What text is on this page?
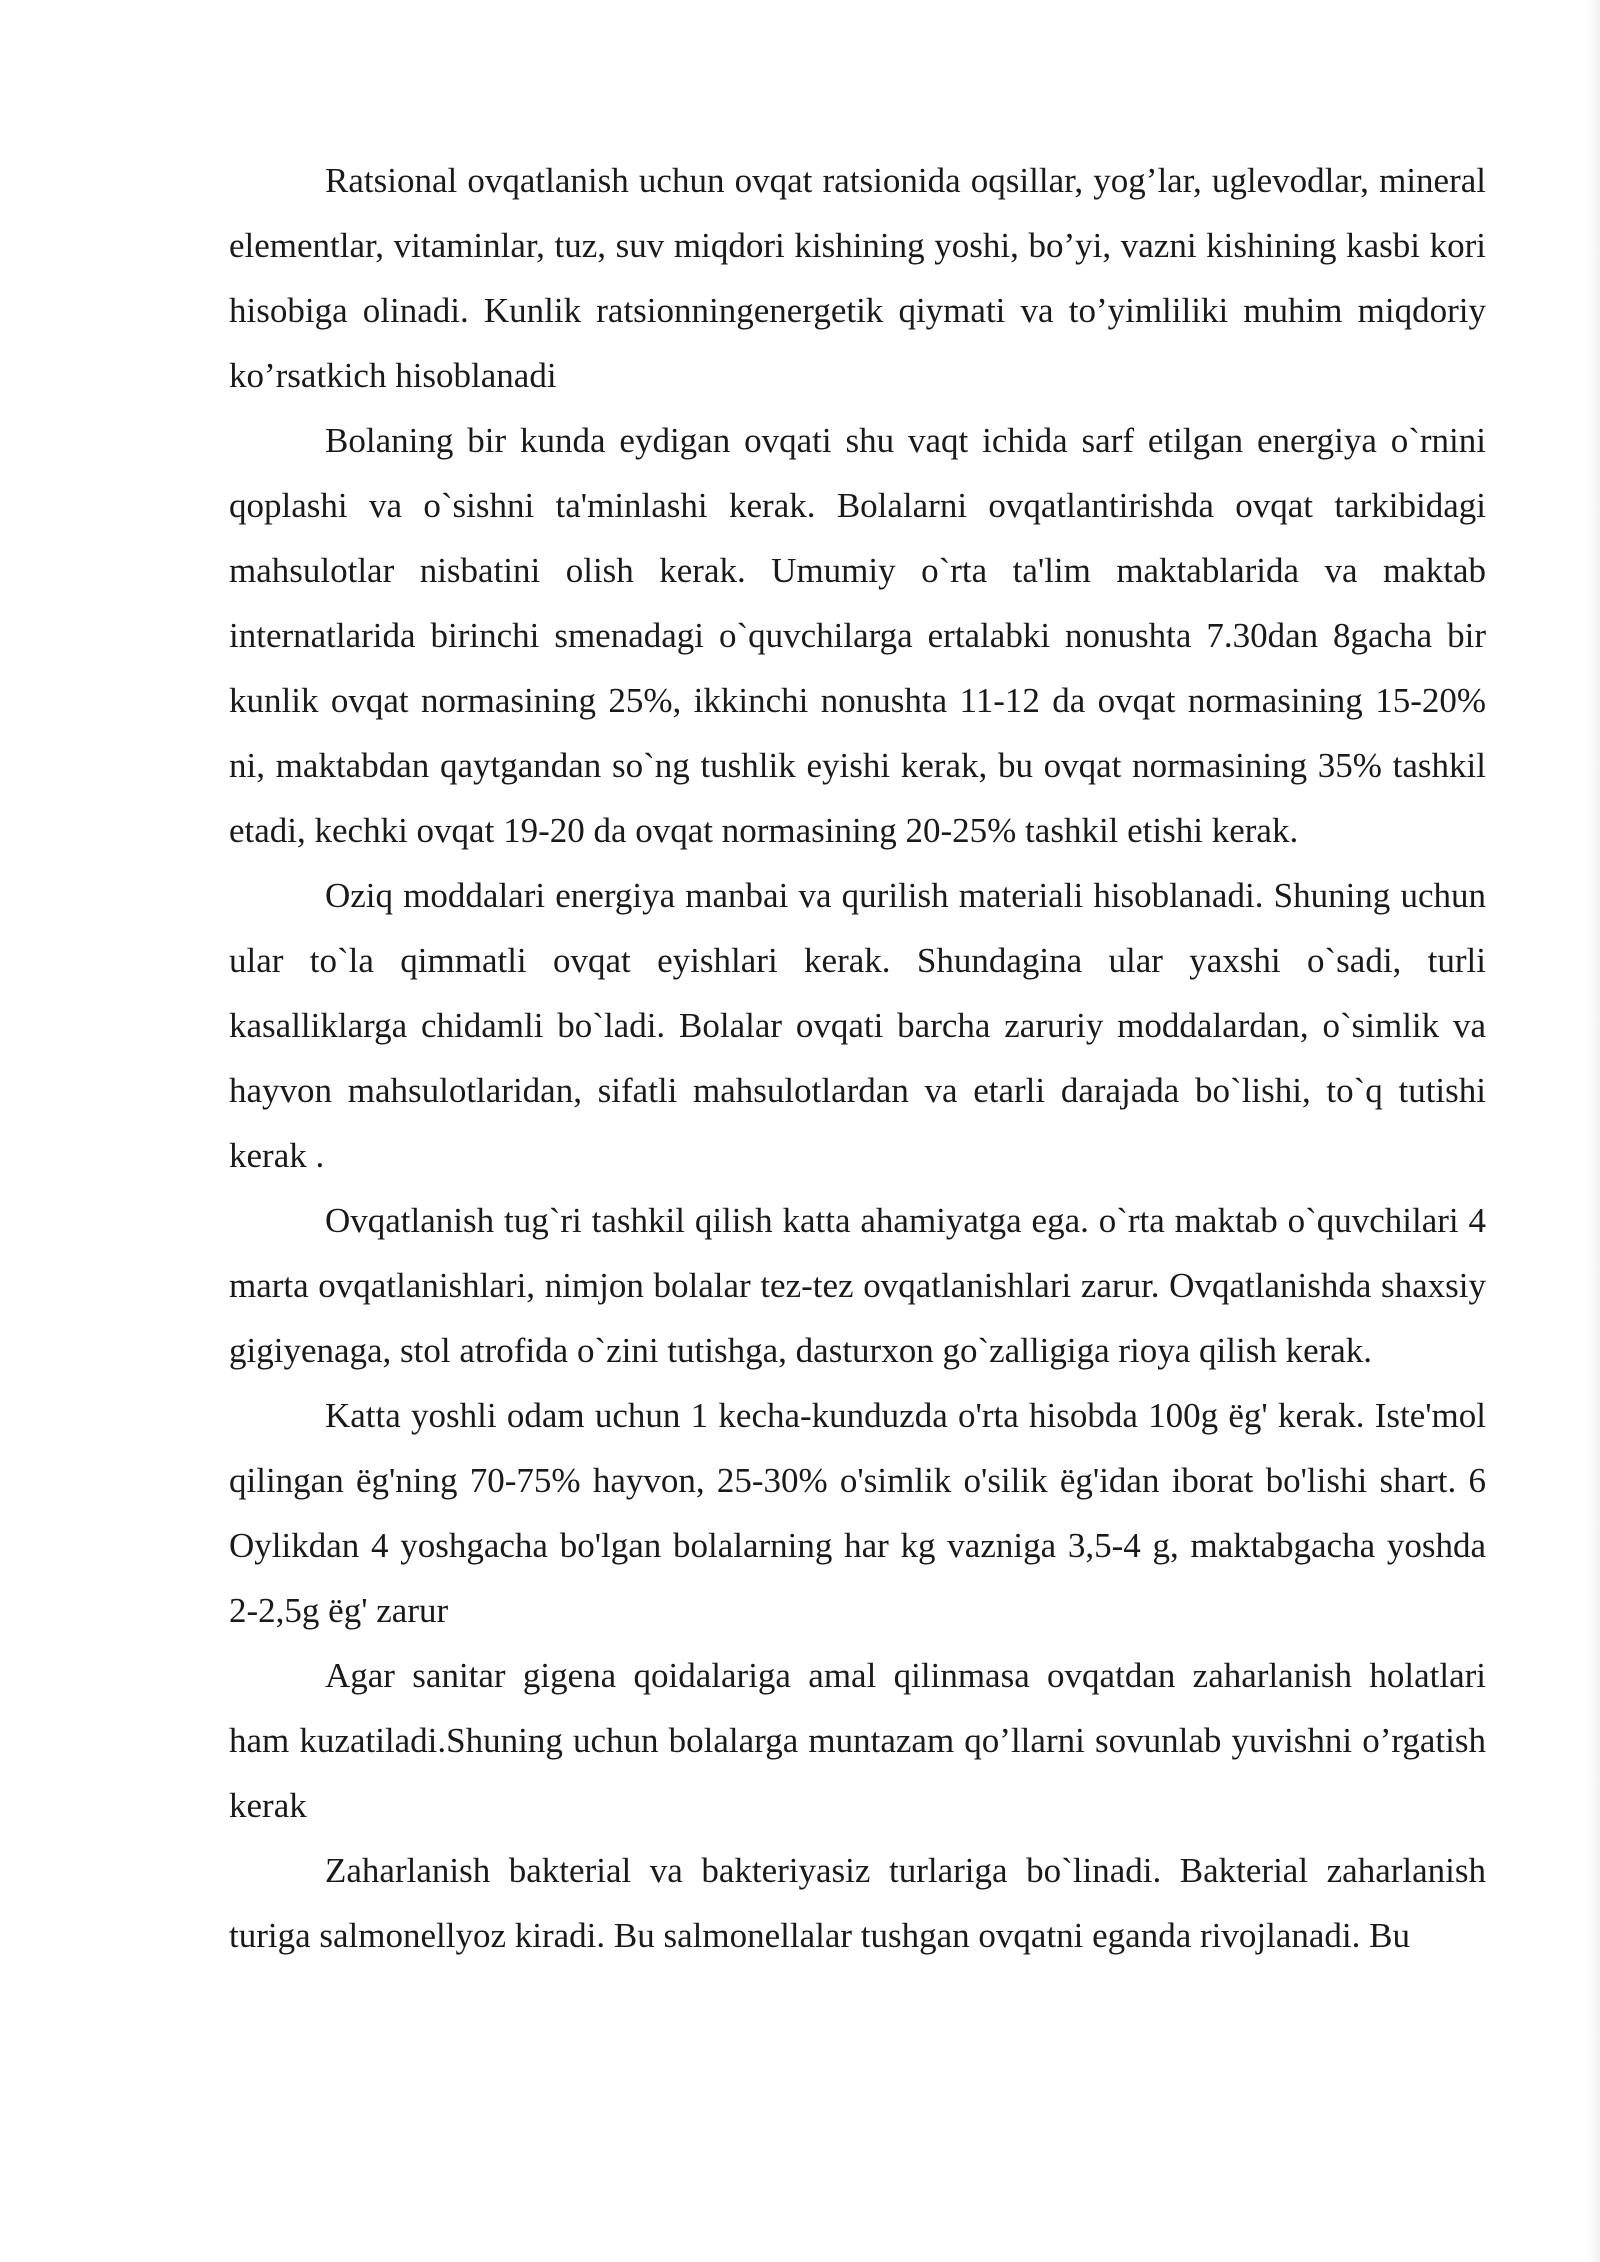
Ratsional ovqatlanish uchun ovqat ratsionida oqsillar, yog’lar, uglevodlar, mineral elementlar, vitaminlar, tuz, suv miqdori kishining yoshi, bo’yi, vazni kishining kasbi kori hisobiga olinadi. Kunlik ratsionningenergetik qiymati va to’yimliliki muhim miqdoriy ko’rsatkich hisoblanadi

Bolaning bir kunda eydigan ovqati shu vaqt ichida sarf etilgan energiya o`rnini qoplashi va o`sishni ta'minlashi kerak. Bolalarni ovqatlantirishda ovqat tarkibidagi mahsulotlar nisbatini olish kerak. Umumiy o`rta ta'lim maktablarida va maktab internatlarida birinchi smenadagi o`quvchilarga ertalabki nonushta 7.30dan 8gacha bir kunlik ovqat normasining 25%, ikkinchi nonushta 11-12 da ovqat normasining 15-20% ni, maktabdan qaytgandan so`ng tushlik eyishi kerak, bu ovqat normasining 35% tashkil etadi, kechki ovqat 19-20 da ovqat normasining 20-25% tashkil etishi kerak.

Oziq moddalari energiya manbai va qurilish materiali hisoblanadi. Shuning uchun ular to`la qimmatli ovqat eyishlari kerak. Shundagina ular yaxshi o`sadi, turli kasalliklarga chidamli bo`ladi. Bolalar ovqati barcha zaruriy moddalardan, o`simlik va hayvon mahsulotlaridan, sifatli mahsulotlardan va etarli darajada bo`lishi, to`q tutishi kerak .

Ovqatlanish tug`ri tashkil qilish katta ahamiyatga ega. o`rta maktab o`quvchilari 4 marta ovqatlanishlari, nimjon bolalar tez-tez ovqatlanishlari zarur. Ovqatlanishda shaxsiy gigiyenaga, stol atrofida o`zini tutishga, dasturxon go`zalligiga rioya qilish kerak.

Katta yoshli odam uchun 1 kecha-kunduzda o'rta hisobda 100g ëg' kerak. Iste'mol qilingan ëg'ning 70-75% hayvon, 25-30% o'simlik o'silik ëg'idan iborat bo'lishi shart. 6 Oylikdan 4 yoshgacha bo'lgan bolalarning har kg vazniga 3,5-4 g, maktabgacha yoshda 2-2,5g ëg' zarur

Agar sanitar gigena qoidalariga amal qilinmasa ovqatdan zaharlanish holatlari ham kuzatiladi.Shuning uchun bolalarga muntazam qo’llarni sovunlab yuvishni o’rgatish kerak

Zaharlanish bakterial va bakteriyasiz turlariga bo`linadi. Bakterial zaharlanish turiga salmonellyoz kiradi. Bu salmonellalar tushgan ovqatni eganda rivojlanadi. Bu
